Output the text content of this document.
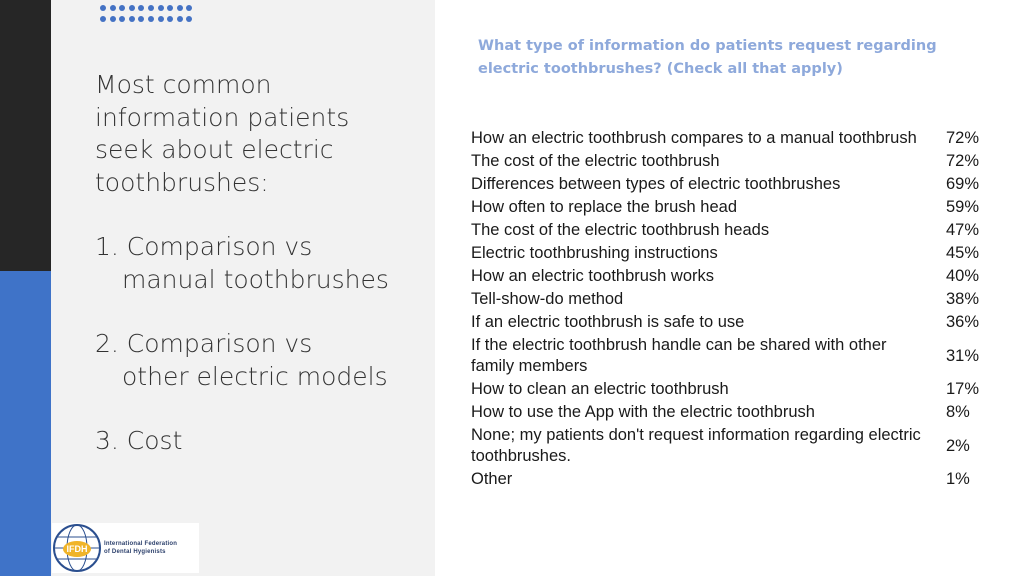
Most common information patients seek about electric toothbrushes:
1. Comparison vs
manual toothbrushes
2. Comparison vs
other electric models
3. Cost
IFDH	International Federation
of Dental Hygienists
What type of information do patients request regarding electric toothbrushes? (Check all that apply)
How an electric toothbrush compares to a manual toothbrush	72%
The cost of the electric toothbrush	72%
Differences between types of electric toothbrushes	69%
How often to replace the brush head	59%
The cost of the electric toothbrush heads	47%
Electric toothbrushing instructions	45%
How an electric toothbrush works	40%
Tell-show-do method	38%
If an electric toothbrush is safe to use	36%
If the electric toothbrush handle can be shared with other family members	31%
How to clean an electric toothbrush	17%
How to use the App with the electric toothbrush	8%
None; my patients don't request information regarding electric toothbrushes.	2%
Other	1%
